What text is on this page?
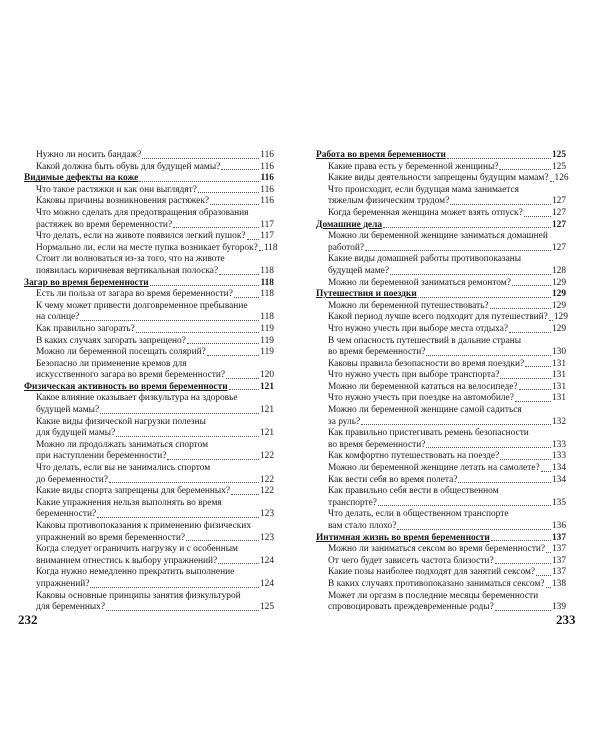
Нужно ли носить бандаж?	116
Какой должна быть обувь для будущей мамы?	116
Видимые дефекты на коже	116
Что такое растяжки и как они выглядят?	116
Каковы причины возникновения растяжек?	116
Что можно сделать для предотвращения образования
растяжек во время беременности?	117
Что делать, если на животе появился легкий пушок? 117
Нормально ли, если на месте пупка возникает бугорок? 118
Стоит ли волноваться из-за того, что на животе
появилась коричневая вертикальная полоска?	118
Загар во время беременности	118
Есть ли польза от загара во время беременности?	118
К чему может привести долговременное пребывание
на солнце?	118
Как правильно загорать?	119
В каких случаях загорать запрещено?	119
Можно ли беременной посещать солярий?	119
Безопасно ли применение кремов для
искусственного загара во время беременности?	120
Физическая активность во время беременности	121
Какое влияние оказывает физкультура на здоровье
будущей мамы?	121
Какие виды физической нагрузки полезны
для будущей мамы?	121
Можно ли продолжать заниматься спортом
при наступлении беременности?	122
Что делать, если вы не занимались спортом
до беременности?	122
Какие виды спорта запрещены для беременных?	122
Какие упражнения нельзя выполнять во время
беременности?	123
Каковы противопоказания к применению физических
упражнений во время беременности?	123
Когда следует ограничить нагрузку и с особенным
вниманием отнестись к выбору упражнений?	124
Когда нужно немедленно прекратить выполнение
упражнений?	124
Каковы основные принципы занятия физкультурой
для беременных?	125
Работа во время беременности	125
Какие права есть у беременной женщины?	125
Какие виды деятельности запрещены будущим мамам? 126
Что происходит, если будущая мама занимается
тяжелым физическим трудом?	127
Когда беременная женщина может взять отпуск?	127
Домашние дела	127
Можно ли беременной женщине заниматься домашней
работой?	127
Какие виды домашней работы противопоказаны
будущей маме?	128
Можно ли беременной заниматься ремонтом?	129
Путешествия и поездки	129
Можно ли беременной путешествовать?	129
Какой период лучше всего подходит для путешествий? 129
Что нужно учесть при выборе места отдыха?	129
В чем опасность путешествий в дальние страны
во время беременности?	130
Каковы правила безопасности во время поездки?	131
Что нужно учесть при выборе транспорта?	131
Можно ли беременной кататься на велосипеде?	131
Что нужно учесть при поездке на автомобиле?	131
Можно ли беременной женщине самой садиться
за руль?	132
Как правильно пристегивать ремень безопасности
во время беременности?	133
Как комфортно путешествовать на поезде?	133
Можно ли беременной женщине летать на самолете? 134
Как вести себя во время полета?	134
Как правильно себя вести в общественном
транспорте?	135
Что делать, если в общественном транспорте
вам стало плохо?	136
Интимная жизнь во время беременности	137
Можно ли заниматься сексом во время беременности? 137
От чего будет зависеть частота близости?	137
Какие позы наиболее подходят для занятий сексом? 137
В каких случаях противопоказано заниматься сексом? 138
Может ли оргазм в последние месяцы беременности
спровоцировать преждевременные роды?	139
232	233
